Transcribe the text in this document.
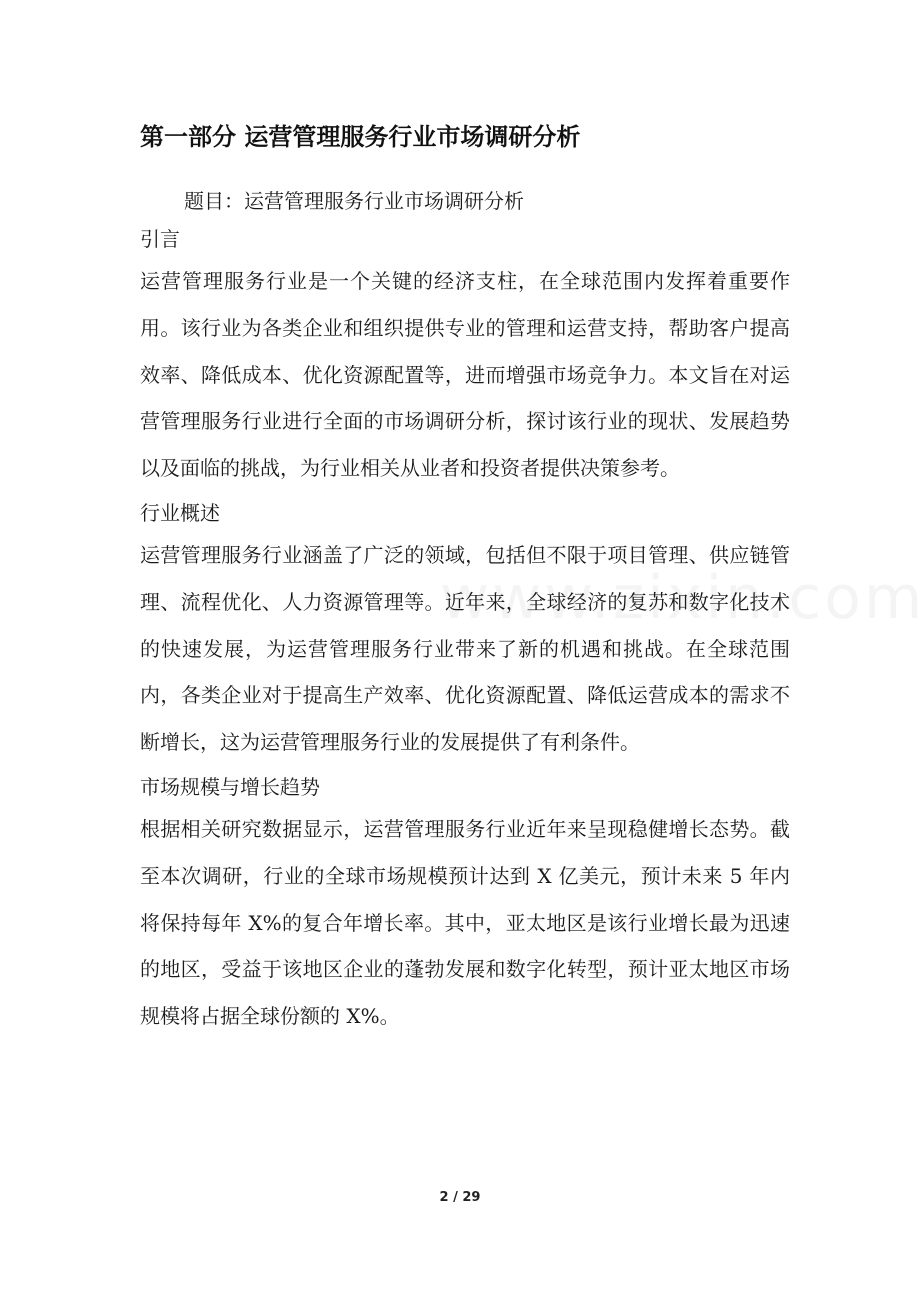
第一部分 运营管理服务行业市场调研分析

题目：运营管理服务行业市场调研分析

引言

运营管理服务行业是一个关键的经济支柱，在全球范围内发挥着重要作用。该行业为各类企业和组织提供专业的管理和运营支持，帮助客户提高效率、降低成本、优化资源配置等，进而增强市场竞争力。本文旨在对运营管理服务行业进行全面的市场调研分析，探讨该行业的现状、发展趋势以及面临的挑战，为行业相关从业者和投资者提供决策参考。

行业概述

运营管理服务行业涵盖了广泛的领域，包括但不限于项目管理、供应链管理、流程优化、人力资源管理等。近年来，全球经济的复苏和数字化技术的快速发展，为运营管理服务行业带来了新的机遇和挑战。在全球范围内，各类企业对于提高生产效率、优化资源配置、降低运营成本的需求不断增长，这为运营管理服务行业的发展提供了有利条件。

市场规模与增长趋势

根据相关研究数据显示，运营管理服务行业近年来呈现稳健增长态势。截至本次调研，行业的全球市场规模预计达到 X 亿美元，预计未来 5 年内将保持每年 X%的复合年增长率。其中，亚太地区是该行业增长最为迅速的地区，受益于该地区企业的蓬勃发展和数字化转型，预计亚太地区市场规模将占据全球份额的 X%。

2 / 29
